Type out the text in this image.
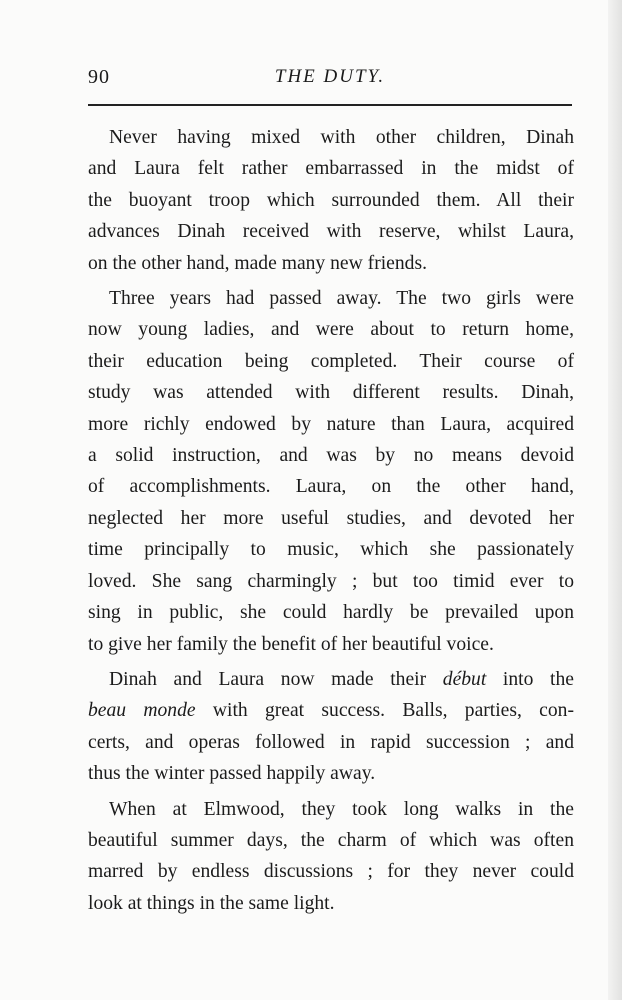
90	THE DUTY.

Never having mixed with other children, Dinah
and Laura felt rather embarrassed in the midst of
the buoyant troop which surrounded them. All their
advances Dinah received with reserve, whilst Laura,
on the other hand, made many new friends.

Three years had passed away. The two girls were
now young ladies, and were about to return home,
their education being completed. Their course of
study was attended with different results. Dinah,
more richly endowed by nature than Laura, acquired
a solid instruction, and was by no means devoid
of accomplishments. Laura, on the other hand,
neglected her more useful studies, and devoted her
time principally to music, which she passionately
loved. She sang charmingly ; but too timid ever to
sing in public, she could hardly be prevailed upon
to give her family the benefit of her beautiful voice.

Dinah and Laura now made their début into the
beau monde with great success. Balls, parties, con-
certs, and operas followed in rapid succession ; and
thus the winter passed happily away.

When at Elmwood, they took long walks in the
beautiful summer days, the charm of which was often
marred by endless discussions ; for they never could
look at things in the same light.
